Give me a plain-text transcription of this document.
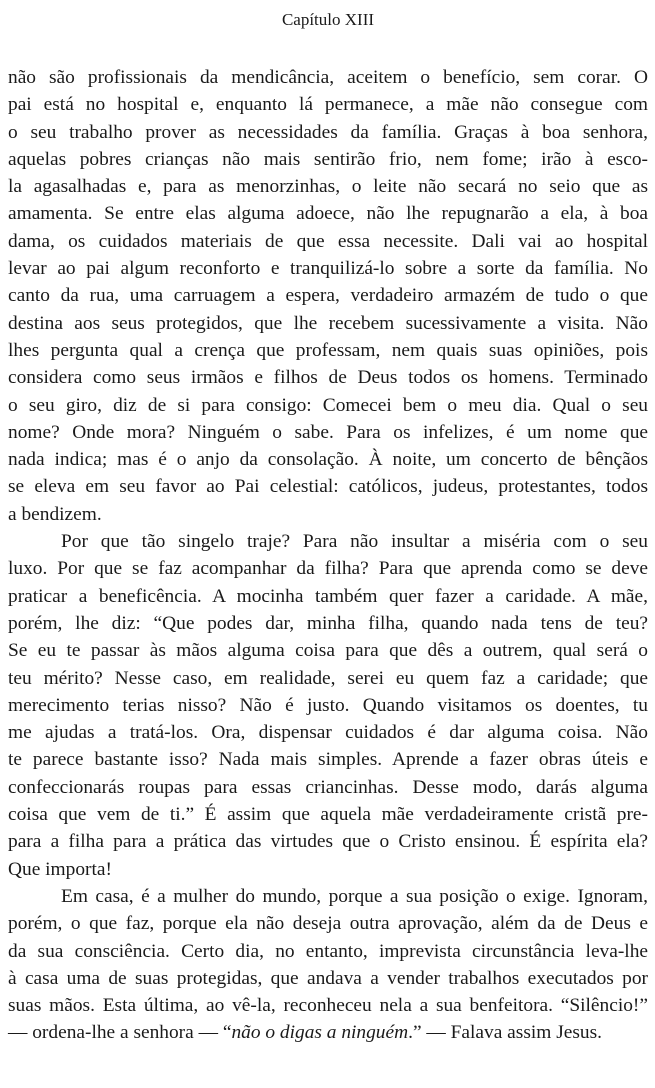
Capítulo XIII
não são profissionais da mendicância, aceitem o benefício, sem corar. O
pai está no hospital e, enquanto lá permanece, a mãe não consegue com
o seu trabalho prover as necessidades da família. Graças à boa senhora,
aquelas pobres crianças não mais sentirão frio, nem fome; irão à esco-
la agasalhadas e, para as menorzinhas, o leite não secará no seio que as
amamenta. Se entre elas alguma adoece, não lhe repugnarão a ela, à boa
dama, os cuidados materiais de que essa necessite. Dali vai ao hospital
levar ao pai algum reconforto e tranquilizá-lo sobre a sorte da família. No
canto da rua, uma carruagem a espera, verdadeiro armazém de tudo o que
destina aos seus protegidos, que lhe recebem sucessivamente a visita. Não
lhes pergunta qual a crença que professam, nem quais suas opiniões, pois
considera como seus irmãos e filhos de Deus todos os homens. Terminado
o seu giro, diz de si para consigo: Comecei bem o meu dia. Qual o seu
nome? Onde mora? Ninguém o sabe. Para os infelizes, é um nome que
nada indica; mas é o anjo da consolação. À noite, um concerto de bênçãos
se eleva em seu favor ao Pai celestial: católicos, judeus, protestantes, todos
a bendizem.
Por que tão singelo traje? Para não insultar a miséria com o seu
luxo. Por que se faz acompanhar da filha? Para que aprenda como se deve
praticar a beneficência. A mocinha também quer fazer a caridade. A mãe,
porém, lhe diz: “Que podes dar, minha filha, quando nada tens de teu?
Se eu te passar às mãos alguma coisa para que dês a outrem, qual será o
teu mérito? Nesse caso, em realidade, serei eu quem faz a caridade; que
merecimento terias nisso? Não é justo. Quando visitamos os doentes, tu
me ajudas a tratá-los. Ora, dispensar cuidados é dar alguma coisa. Não
te parece bastante isso? Nada mais simples. Aprende a fazer obras úteis e
confeccionarás roupas para essas criancinhas. Desse modo, darás alguma
coisa que vem de ti.” É assim que aquela mãe verdadeiramente cristã pre-
para a filha para a prática das virtudes que o Cristo ensinou. É espírita ela?
Que importa!
Em casa, é a mulher do mundo, porque a sua posição o exige. Ignoram,
porém, o que faz, porque ela não deseja outra aprovação, além da de Deus e
da sua consciência. Certo dia, no entanto, imprevista circunstância leva-lhe
à casa uma de suas protegidas, que andava a vender trabalhos executados por
suas mãos. Esta última, ao vê-la, reconheceu nela a sua benfeitora. “Silêncio!”
— ordena-lhe a senhora — “não o digas a ninguém.” — Falava assim Jesus.
